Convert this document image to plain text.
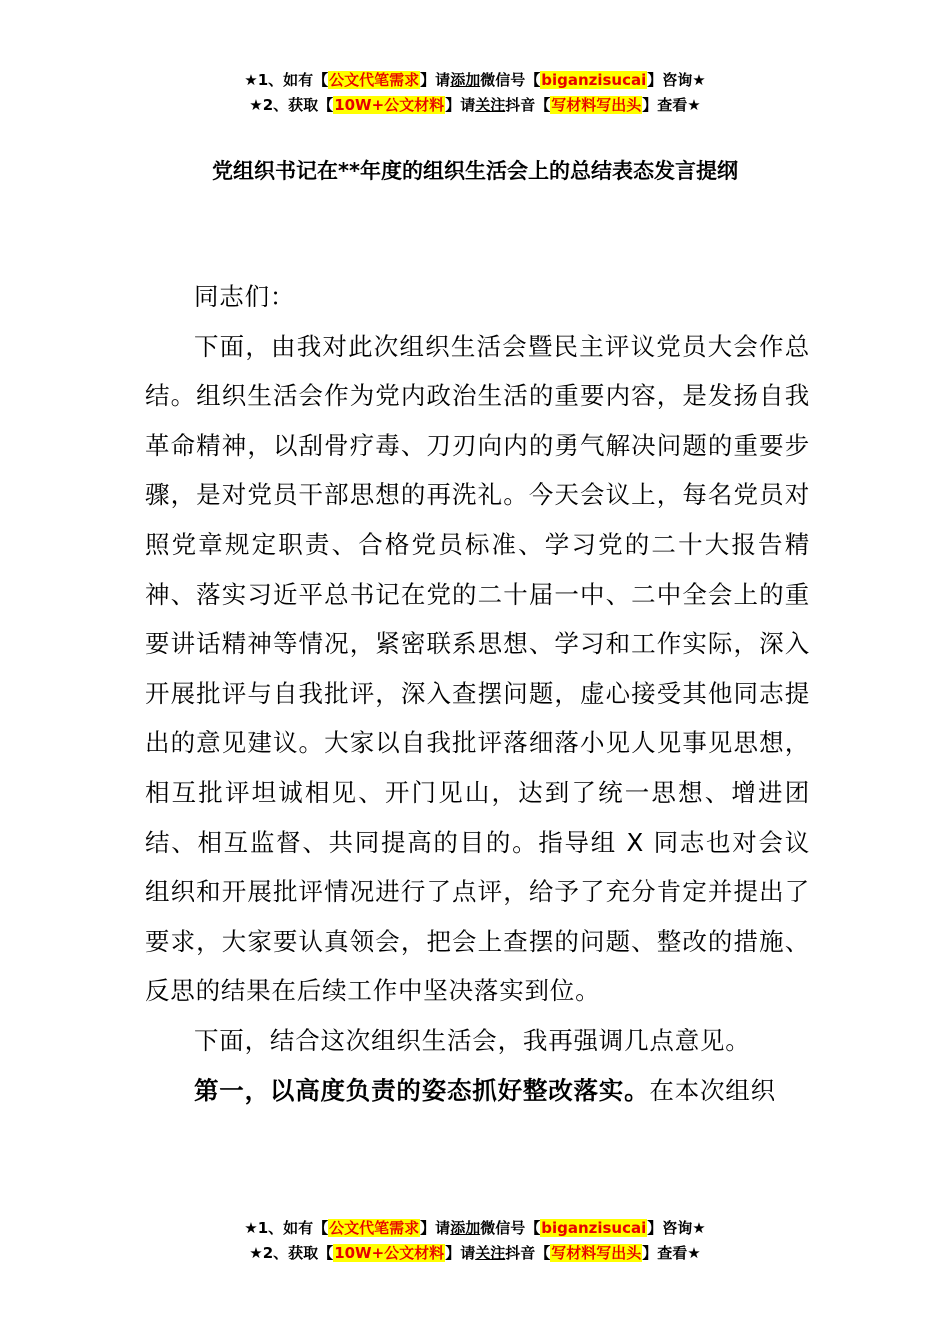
★1、如有【公文代笔需求】请添加微信号【biganzisucai】咨询★
★2、获取【10W+公文材料】请关注抖音【写材料写出头】查看★
党组织书记在**年度的组织生活会上的总结表态发言提纲

同志们：

下面，由我对此次组织生活会暨民主评议党员大会作总结。组织生活会作为党内政治生活的重要内容，是发扬自我革命精神，以刮骨疗毒、刀刃向内的勇气解决问题的重要步骤，是对党员干部思想的再洗礼。今天会议上，每名党员对照党章规定职责、合格党员标准、学习党的二十大报告精神、落实习近平总书记在党的二十届一中、二中全会上的重要讲话精神等情况，紧密联系思想、学习和工作实际，深入开展批评与自我批评，深入查摆问题，虚心接受其他同志提出的意见建议。大家以自我批评落细落小见人见事见思想，相互批评坦诚相见、开门见山，达到了统一思想、增进团结、相互监督、共同提高的目的。指导组 X 同志也对会议组织和开展批评情况进行了点评，给予了充分肯定并提出了要求，大家要认真领会，把会上查摆的问题、整改的措施、反思的结果在后续工作中坚决落实到位。

下面，结合这次组织生活会，我再强调几点意见。

第一，以高度负责的姿态抓好整改落实。在本次组织

★1、如有【公文代笔需求】请添加微信号【biganzisucai】咨询★
★2、获取【10W+公文材料】请关注抖音【写材料写出头】查看★
